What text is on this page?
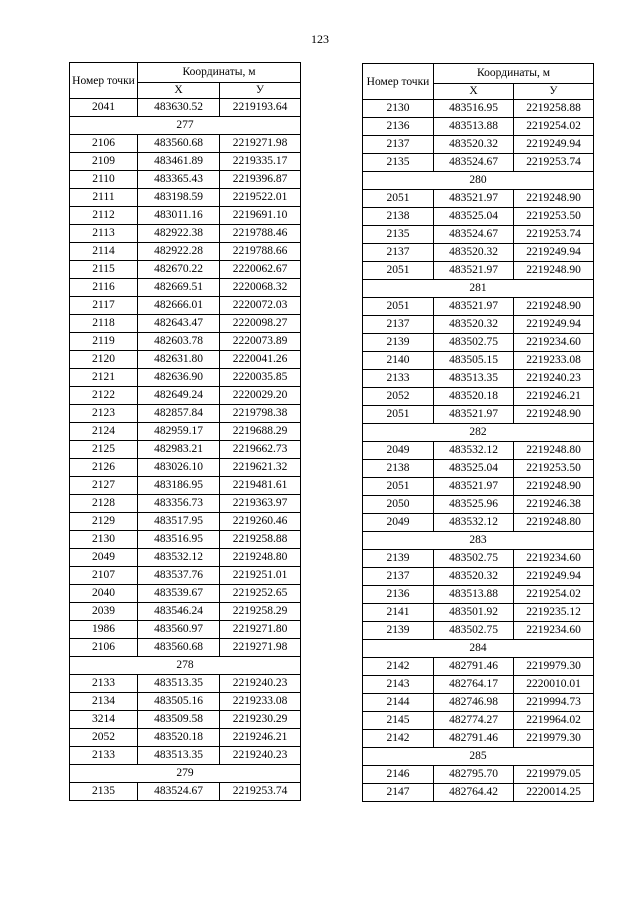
123
Номер точки	Координаты, м	
	X	У
2041	483630.52	2219193.64
277		
2106	483560.68	2219271.98
2109	483461.89	2219335.17
2110	483365.43	2219396.87
2111	483198.59	2219522.01
2112	483011.16	2219691.10
2113	482922.38	2219788.46
2114	482922.28	2219788.66
2115	482670.22	2220062.67
2116	482669.51	2220068.32
2117	482666.01	2220072.03
2118	482643.47	2220098.27
2119	482603.78	2220073.89
2120	482631.80	2220041.26
2121	482636.90	2220035.85
2122	482649.24	2220029.20
2123	482857.84	2219798.38
2124	482959.17	2219688.29
2125	482983.21	2219662.73
2126	483026.10	2219621.32
2127	483186.95	2219481.61
2128	483356.73	2219363.97
2129	483517.95	2219260.46
2130	483516.95	2219258.88
2049	483532.12	2219248.80
2107	483537.76	2219251.01
2040	483539.67	2219252.65
2039	483546.24	2219258.29
1986	483560.97	2219271.80
2106	483560.68	2219271.98
278		
2133	483513.35	2219240.23
2134	483505.16	2219233.08
3214	483509.58	2219230.29
2052	483520.18	2219246.21
2133	483513.35	2219240.23
279		
2135	483524.67	2219253.74
Номер точки	Координаты, м	
	X	У
2130	483516.95	2219258.88
2136	483513.88	2219254.02
2137	483520.32	2219249.94
2135	483524.67	2219253.74
280		
2051	483521.97	2219248.90
2138	483525.04	2219253.50
2135	483524.67	2219253.74
2137	483520.32	2219249.94
2051	483521.97	2219248.90
281		
2051	483521.97	2219248.90
2137	483520.32	2219249.94
2139	483502.75	2219234.60
2140	483505.15	2219233.08
2133	483513.35	2219240.23
2052	483520.18	2219246.21
2051	483521.97	2219248.90
282		
2049	483532.12	2219248.80
2138	483525.04	2219253.50
2051	483521.97	2219248.90
2050	483525.96	2219246.38
2049	483532.12	2219248.80
283		
2139	483502.75	2219234.60
2137	483520.32	2219249.94
2136	483513.88	2219254.02
2141	483501.92	2219235.12
2139	483502.75	2219234.60
284		
2142	482791.46	2219979.30
2143	482764.17	2220010.01
2144	482746.98	2219994.73
2145	482774.27	2219964.02
2142	482791.46	2219979.30
285		
2146	482795.70	2219979.05
2147	482764.42	2220014.25
